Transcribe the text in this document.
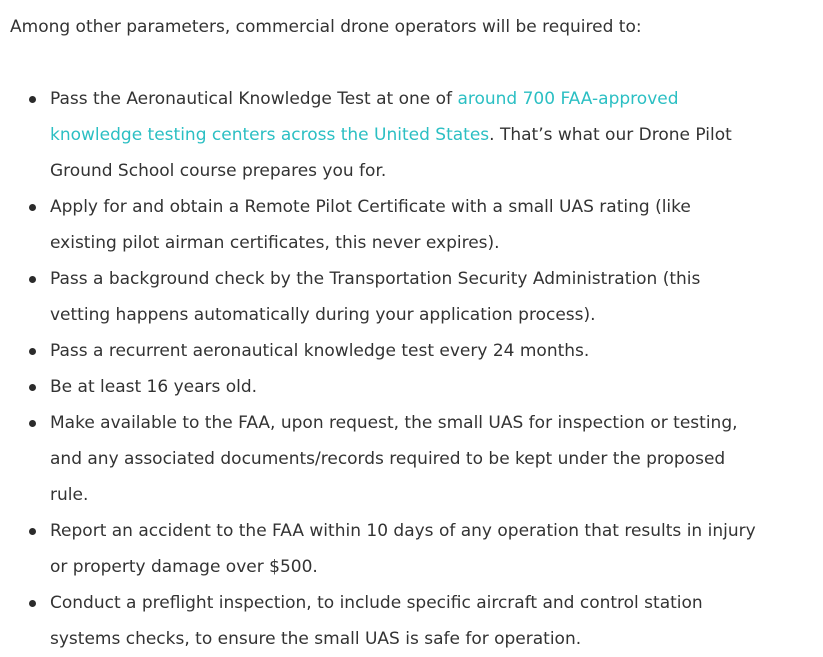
Among other parameters, commercial drone operators will be required to:

Pass the Aeronautical Knowledge Test at one of around 700 FAA-approved knowledge testing centers across the United States. That’s what our Drone Pilot Ground School course prepares you for.
Apply for and obtain a Remote Pilot Certificate with a small UAS rating (like existing pilot airman certificates, this never expires).
Pass a background check by the Transportation Security Administration (this vetting happens automatically during your application process).
Pass a recurrent aeronautical knowledge test every 24 months.
Be at least 16 years old.
Make available to the FAA, upon request, the small UAS for inspection or testing, and any associated documents/records required to be kept under the proposed rule.
Report an accident to the FAA within 10 days of any operation that results in injury or property damage over $500.
Conduct a preflight inspection, to include specific aircraft and control station systems checks, to ensure the small UAS is safe for operation.
